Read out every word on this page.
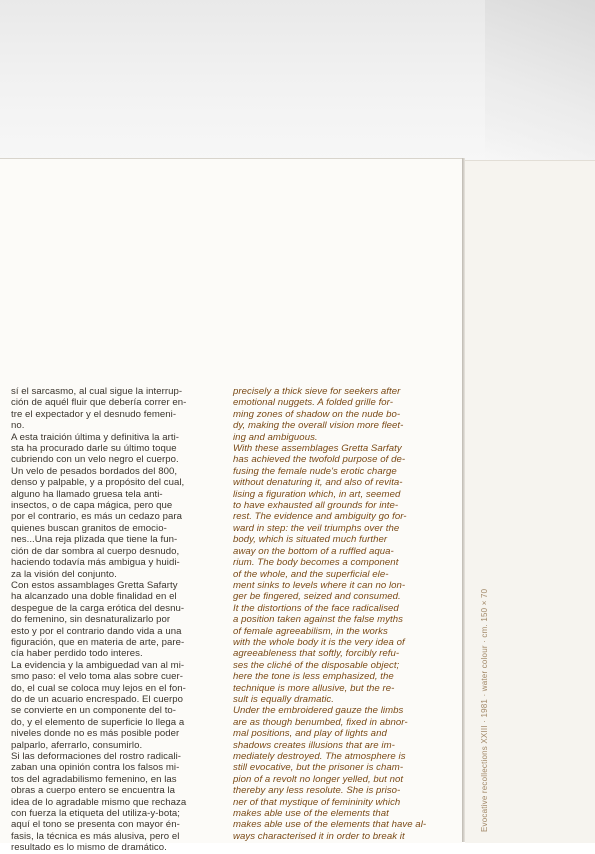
sí el sarcasmo, al cual sigue la interrup-

ción de aquél fluir que debería correr en-

tre el expectador y el desnudo femeni-

no.

A esta traición última y definitiva la arti-

sta ha procurado darle su último toque

cubriendo con un velo negro el cuerpo.

Un velo de pesados bordados del 800,

denso y palpable, y a propósito del cual,

alguno ha llamado gruesa tela anti-

insectos, o de capa mágica, pero que

por el contrario, es más un cedazo para

quienes buscan granitos de emocio-

nes...Una reja plizada que tiene la fun-

ción de dar sombra al cuerpo desnudo,

haciendo todavía más ambigua y huidi-

za la visión del conjunto.

Con estos assamblages Gretta Safarty

ha alcanzado una doble finalidad en el

despegue de la carga erótica del desnu-

do femenino, sin desnaturalizarlo por

esto y por el contrario dando vida a una

figuración, que en materia de arte, pare-

cía haber perdido todo interes.

La evidencia y la ambiguedad van al mi-

smo paso: el velo toma alas sobre cuer-

do, el cual se coloca muy lejos en el fon-

do de un acuario encrespado. El cuerpo

se convierte en un componente del to-

do, y el elemento de superficie lo llega a

niveles donde no es más posible poder

palparlo, aferrarlo, consumirlo.

Si las deformaciones del rostro radicali-

zaban una opinión contra los falsos mi-

tos del agradabilismo femenino, en las

obras a cuerpo entero se encuentra la

idea de lo agradable mismo que rechaza

con fuerza la etiqueta del utiliza-y-bota;

aquí el tono se presenta con mayor én-

fasis, la técnica es más alusiva, pero el

resultado es lo mismo de dramático.

precisely a thick sieve for seekers after

emotional nuggets. A folded grille for-

ming zones of shadow on the nude bo-

dy, making the overall vision more fleet-

ing and ambiguous.

With these assemblages Gretta Sarfaty

has achieved the twofold purpose of de-

fusing the female nude's erotic charge

without denaturing it, and also of revita-

lising a figuration which, in art, seemed

to have exhausted all grounds for inte-

rest. The evidence and ambiguity go for-

ward in step: the veil triumphs over the

body, which is situated much further

away on the bottom of a ruffled aqua-

rium. The body becomes a component

of the whole, and the superficial ele-

ment sinks to levels where it can no lon-

ger be fingered, seized and consumed.

It the distortions of the face radicalised

a position taken against the false myths

of female agreeabilism, in the works

with the whole body it is the very idea of

agreeableness that softly, forcibly refu-

ses the cliché of the disposable object;

here the tone is less emphasized, the

technique is more allusive, but the re-

sult is equally dramatic.

Under the embroidered gauze the limbs

are as though benumbed, fixed in abnor-

mal positions, and play of lights and

shadows creates illusions that are im-

mediately destroyed. The atmosphere is

still evocative, but the prisoner is cham-

pion of a revolt no longer yelled, but not

thereby any less resolute. She is priso-

ner of that mystique of femininity which

makes able use of the elements that

makes able use of the elements that have al-

ways characterised it in order to break it

Evocative recollections XXIII · 1981 · water colour · cm. 150 × 70
